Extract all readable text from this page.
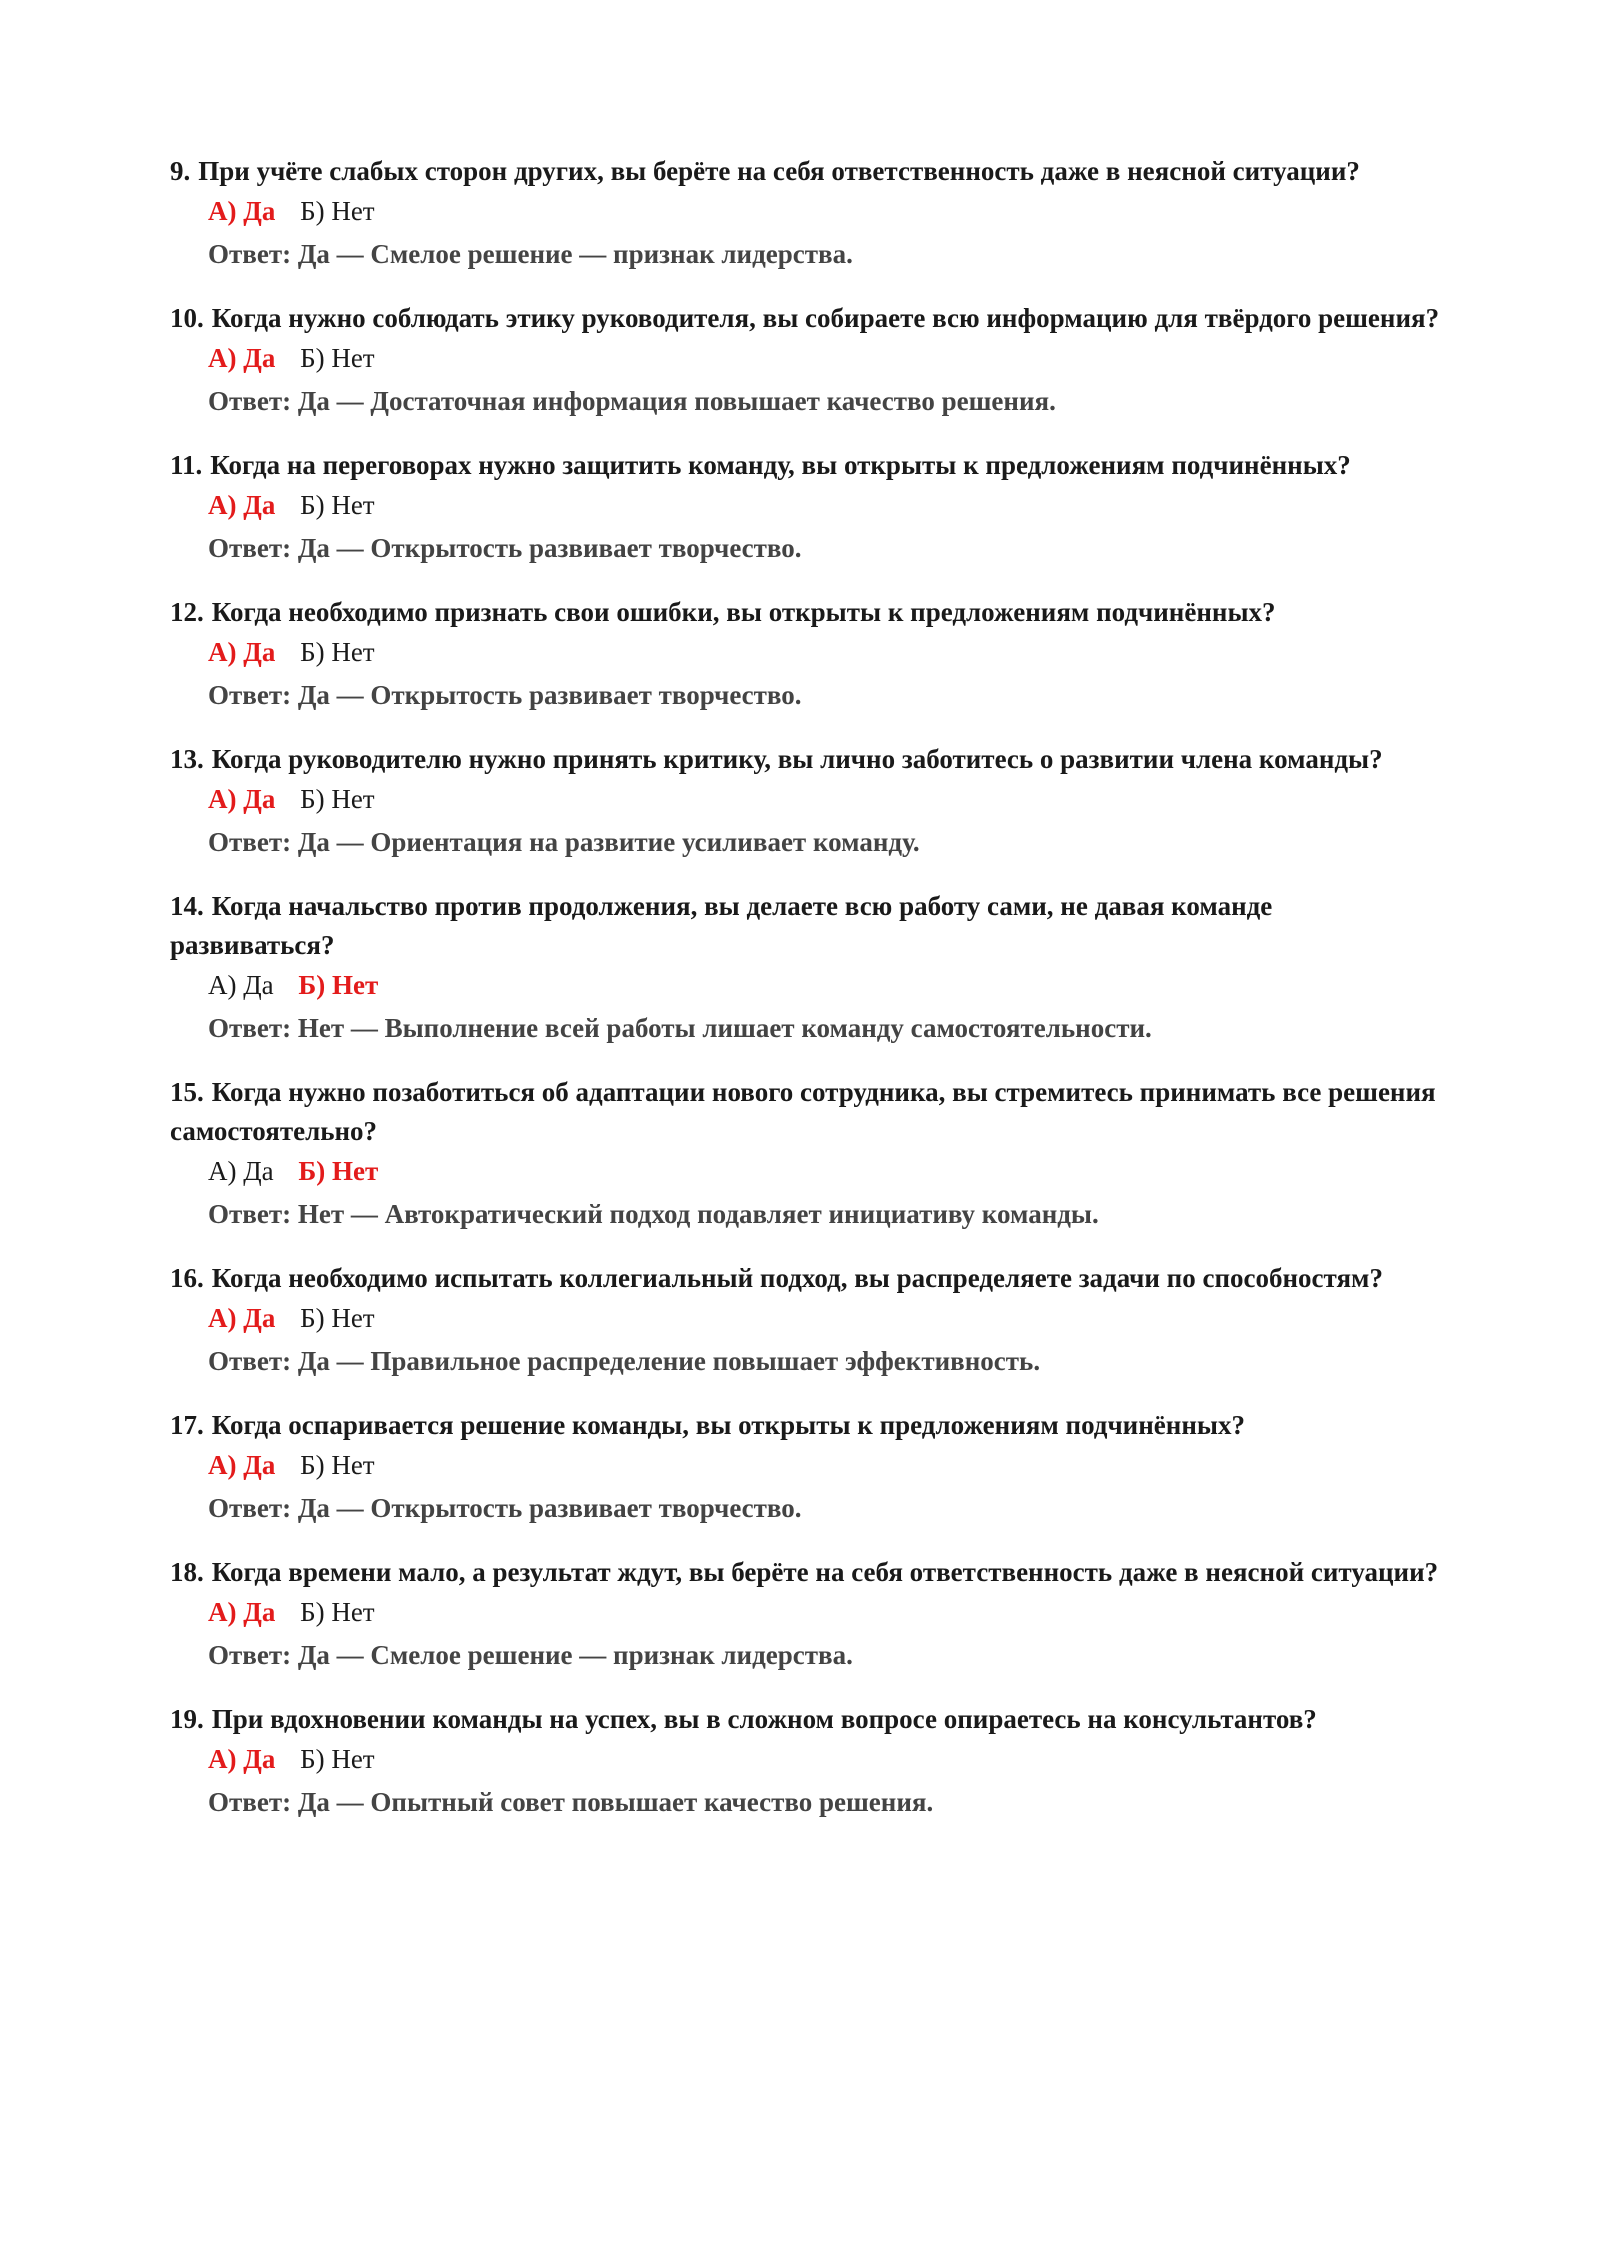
9. При учёте слабых сторон других, вы берёте на себя ответственность даже в неясной ситуации?
А) Да Б) Нет
Ответ: Да — Смелое решение — признак лидерства.
10. Когда нужно соблюдать этику руководителя, вы собираете всю информацию для твёрдого решения?
А) Да Б) Нет
Ответ: Да — Достаточная информация повышает качество решения.
11. Когда на переговорах нужно защитить команду, вы открыты к предложениям подчинённых?
А) Да Б) Нет
Ответ: Да — Открытость развивает творчество.
12. Когда необходимо признать свои ошибки, вы открыты к предложениям подчинённых?
А) Да Б) Нет
Ответ: Да — Открытость развивает творчество.
13. Когда руководителю нужно принять критику, вы лично заботитесь о развитии члена команды?
А) Да Б) Нет
Ответ: Да — Ориентация на развитие усиливает команду.
14. Когда начальство против продолжения, вы делаете всю работу сами, не давая команде развиваться?
А) Да Б) Нет
Ответ: Нет — Выполнение всей работы лишает команду самостоятельности.
15. Когда нужно позаботиться об адаптации нового сотрудника, вы стремитесь принимать все решения самостоятельно?
А) Да Б) Нет
Ответ: Нет — Автократический подход подавляет инициативу команды.
16. Когда необходимо испытать коллегиальный подход, вы распределяете задачи по способностям?
А) Да Б) Нет
Ответ: Да — Правильное распределение повышает эффективность.
17. Когда оспаривается решение команды, вы открыты к предложениям подчинённых?
А) Да Б) Нет
Ответ: Да — Открытость развивает творчество.
18. Когда времени мало, а результат ждут, вы берёте на себя ответственность даже в неясной ситуации?
А) Да Б) Нет
Ответ: Да — Смелое решение — признак лидерства.
19. При вдохновении команды на успех, вы в сложном вопросе опираетесь на консультантов?
А) Да Б) Нет
Ответ: Да — Опытный совет повышает качество решения.
